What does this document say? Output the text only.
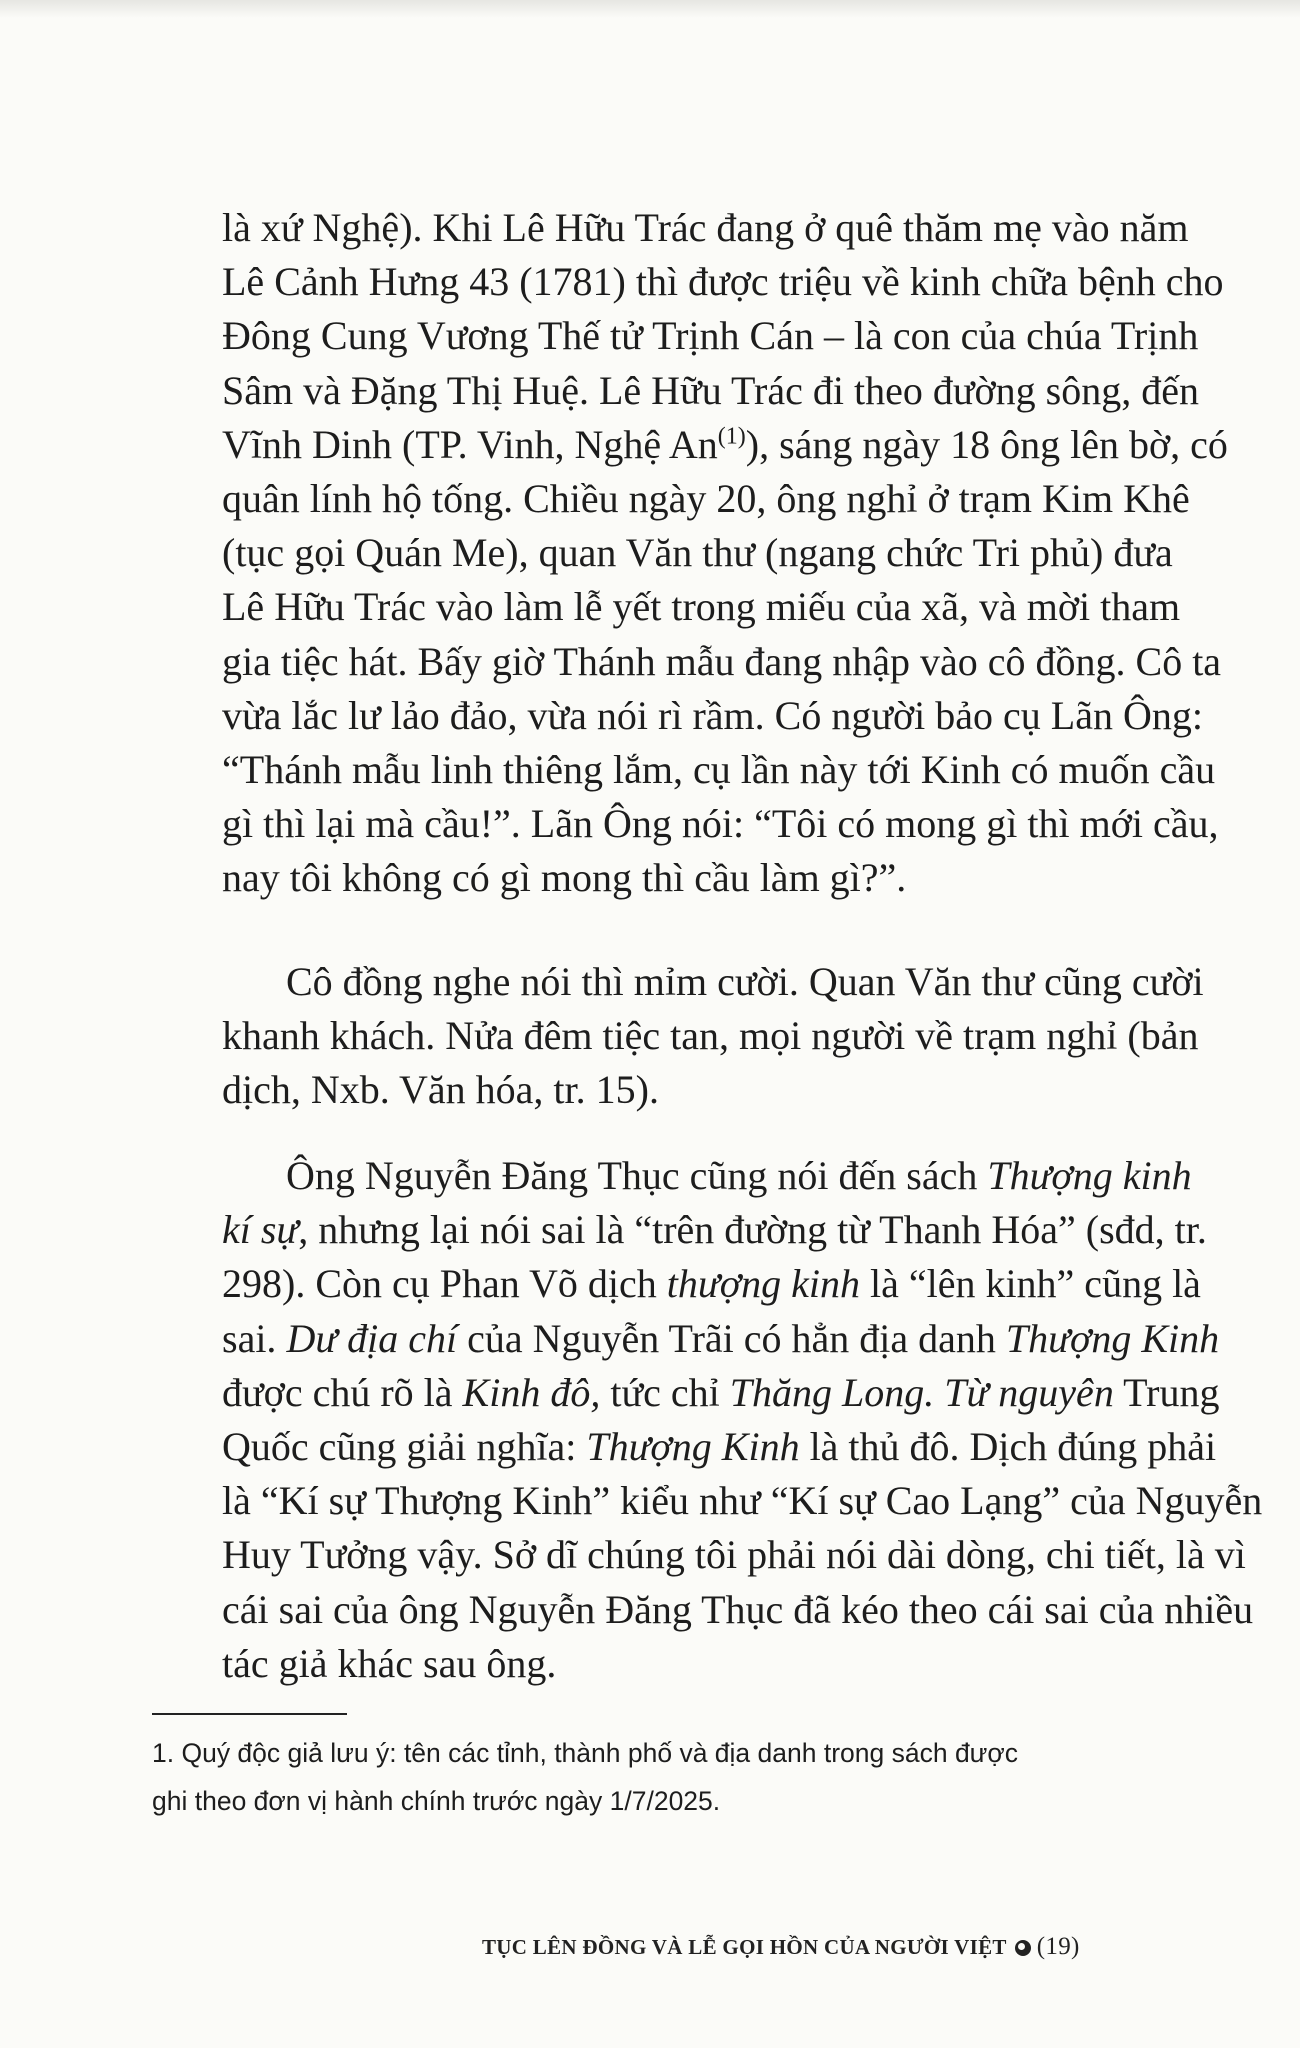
là xứ Nghệ). Khi Lê Hữu Trác đang ở quê thăm mẹ vào năm
Lê Cảnh Hưng 43 (1781) thì được triệu về kinh chữa bệnh cho
Đông Cung Vương Thế tử Trịnh Cán – là con của chúa Trịnh
Sâm và Đặng Thị Huệ. Lê Hữu Trác đi theo đường sông, đến
Vĩnh Dinh (TP. Vinh, Nghệ An$^{(1)}$), sáng ngày 18 ông lên bờ, có
quân lính hộ tống. Chiều ngày 20, ông nghỉ ở trạm Kim Khê
(tục gọi Quán Me), quan Văn thư (ngang chức Tri phủ) đưa
Lê Hữu Trác vào làm lễ yết trong miếu của xã, và mời tham
gia tiệc hát. Bấy giờ Thánh mẫu đang nhập vào cô đồng. Cô ta
vừa lắc lư lảo đảo, vừa nói rì rầm. Có người bảo cụ Lãn Ông:
“Thánh mẫu linh thiêng lắm, cụ lần này tới Kinh có muốn cầu
gì thì lại mà cầu!”. Lãn Ông nói: “Tôi có mong gì thì mới cầu,
nay tôi không có gì mong thì cầu làm gì?”.
Cô đồng nghe nói thì mỉm cười. Quan Văn thư cũng cười
khanh khách. Nửa đêm tiệc tan, mọi người về trạm nghỉ (bản
dịch, Nxb. Văn hóa, tr. 15).
Ông Nguyễn Đăng Thục cũng nói đến sách Thượng kinh
kí sự, nhưng lại nói sai là “trên đường từ Thanh Hóa” (sđd, tr.
298). Còn cụ Phan Võ dịch thượng kinh là “lên kinh” cũng là
sai. Dư địa chí của Nguyễn Trãi có hẳn địa danh Thượng Kinh
được chú rõ là Kinh đô, tức chỉ Thăng Long. Từ nguyên Trung
Quốc cũng giải nghĩa: Thượng Kinh là thủ đô. Dịch đúng phải
là “Kí sự Thượng Kinh” kiểu như “Kí sự Cao Lạng” của Nguyễn
Huy Tưởng vậy. Sở dĩ chúng tôi phải nói dài dòng, chi tiết, là vì
cái sai của ông Nguyễn Đăng Thục đã kéo theo cái sai của nhiều
tác giả khác sau ông.
1. Quý độc giả lưu ý: tên các tỉnh, thành phố và địa danh trong sách được
ghi theo đơn vị hành chính trước ngày 1/7/2025.
TỤC LÊN ĐỒNG VÀ LỄ GỌI HỒN CỦA NGƯỜI VIỆT (19)
